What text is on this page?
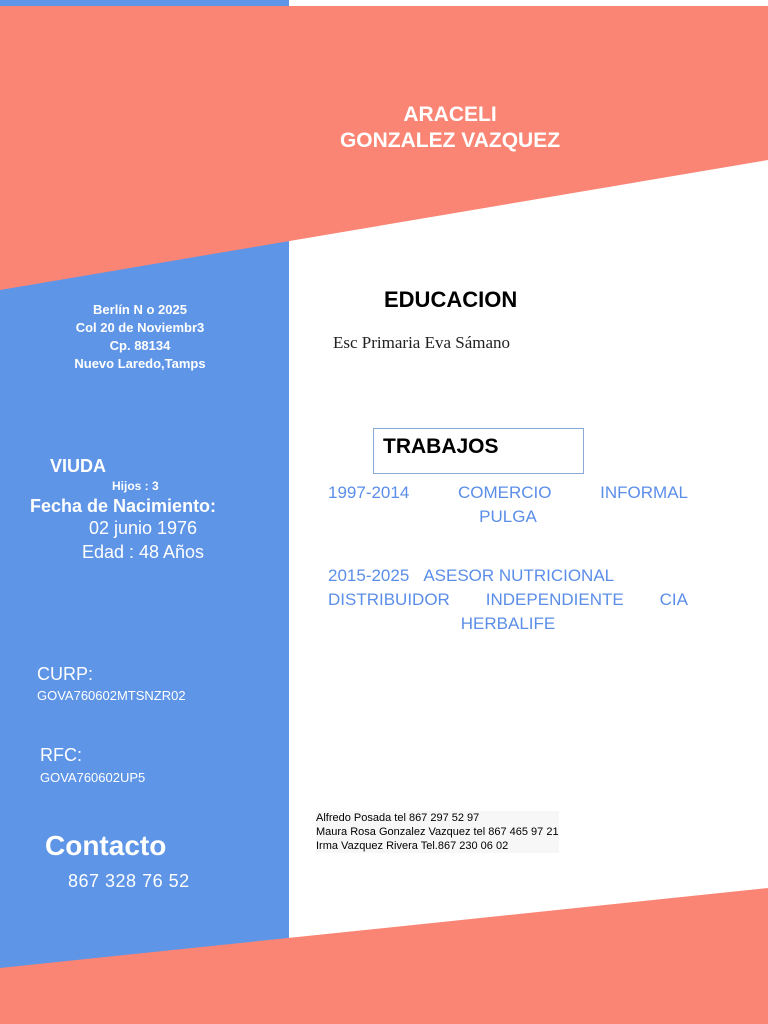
ARACELI
GONZALEZ VAZQUEZ
Berlín N o 2025
Col 20 de Noviembr3
Cp. 88134
Nuevo Laredo,Tamps
VIUDA
Hijos : 3
Fecha de Nacimiento:
02 junio 1976
Edad : 48 Años
CURP:
GOVA760602MTSNZR02
RFC:
GOVA760602UP5
Contacto
867 328 76 52
EDUCACION
Esc Primaria Eva Sámano
TRABAJOS
1997-2014	COMERCIO	INFORMAL
PULGA
2015-2025 ASESOR NUTRICIONAL
DISTRIBUIDOR INDEPENDIENTE CIA
HERBALIFE
Alfredo Posada tel 867 297 52 97
Maura Rosa Gonzalez Vazquez tel 867 465 97 21
Irma Vazquez Rivera Tel.867 230 06 02
